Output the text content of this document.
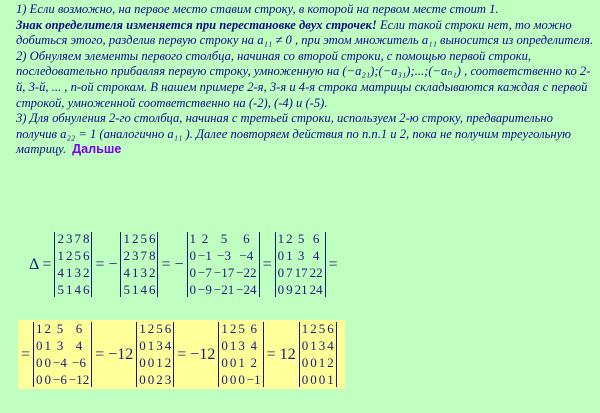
1) Если возможно, на первое место ставим строку, в которой на первом месте стоит 1.
Знак определителя изменяется при перестановке двух строчек! Если такой строки нет, то можно добиться этого, разделив первую строку на a₁₁ ≠ 0 , при этом множитель a₁₁ выносится из определителя.

2) Обнуляем элементы первого столбца, начиная со второй строки, с помощью первой строки, последовательно прибавляя первую строку, умноженную на (−a₂₁);(−a₃₁);...;(−aₙ₁) , соответственно ко 2-й, 3-й, ... , n-ой строкам. В нашем примере 2-я, 3-я и 4-я строка матрицы складываются каждая с первой строкой, умноженной соответственно на (-2), (-4) и (-5).

3) Для обнуления 2-го столбца, начиная с третьей строки, используем 2-ю строку, предварительно получив a₂₂ = 1 (аналогично a₁₁ ). Далее повторяем действия по п.п.1 и 2, пока не получим треугольную матрицу. Дальше

Δ =
2 3 7 8
1 2 5 6
4 1 3 2
5 1 4 6
= −
1 2 5 6
2 3 7 8
4 1 3 2
5 1 4 6
= −
1 2 5	6
0 −1 −3 −4
0 −7 −17 −22
0 −9 −21 −24
=
1 2 5 6
0 1 3 4
0 7 17 22
0 9 21 24
=
=
1 2 5 6
0 1 3 4
0 0 −4 −6
0 0 −6 −12
= −12
1 2 5 6
0 1 3 4
0 0 1 2
0 0 2 3
= −12
1 2 5 6
0 1 3 4
0 0 1 2
0 0 0 −1
= 12
1 2 5 6
0 1 3 4
0 0 1 2
0 0 0 1
